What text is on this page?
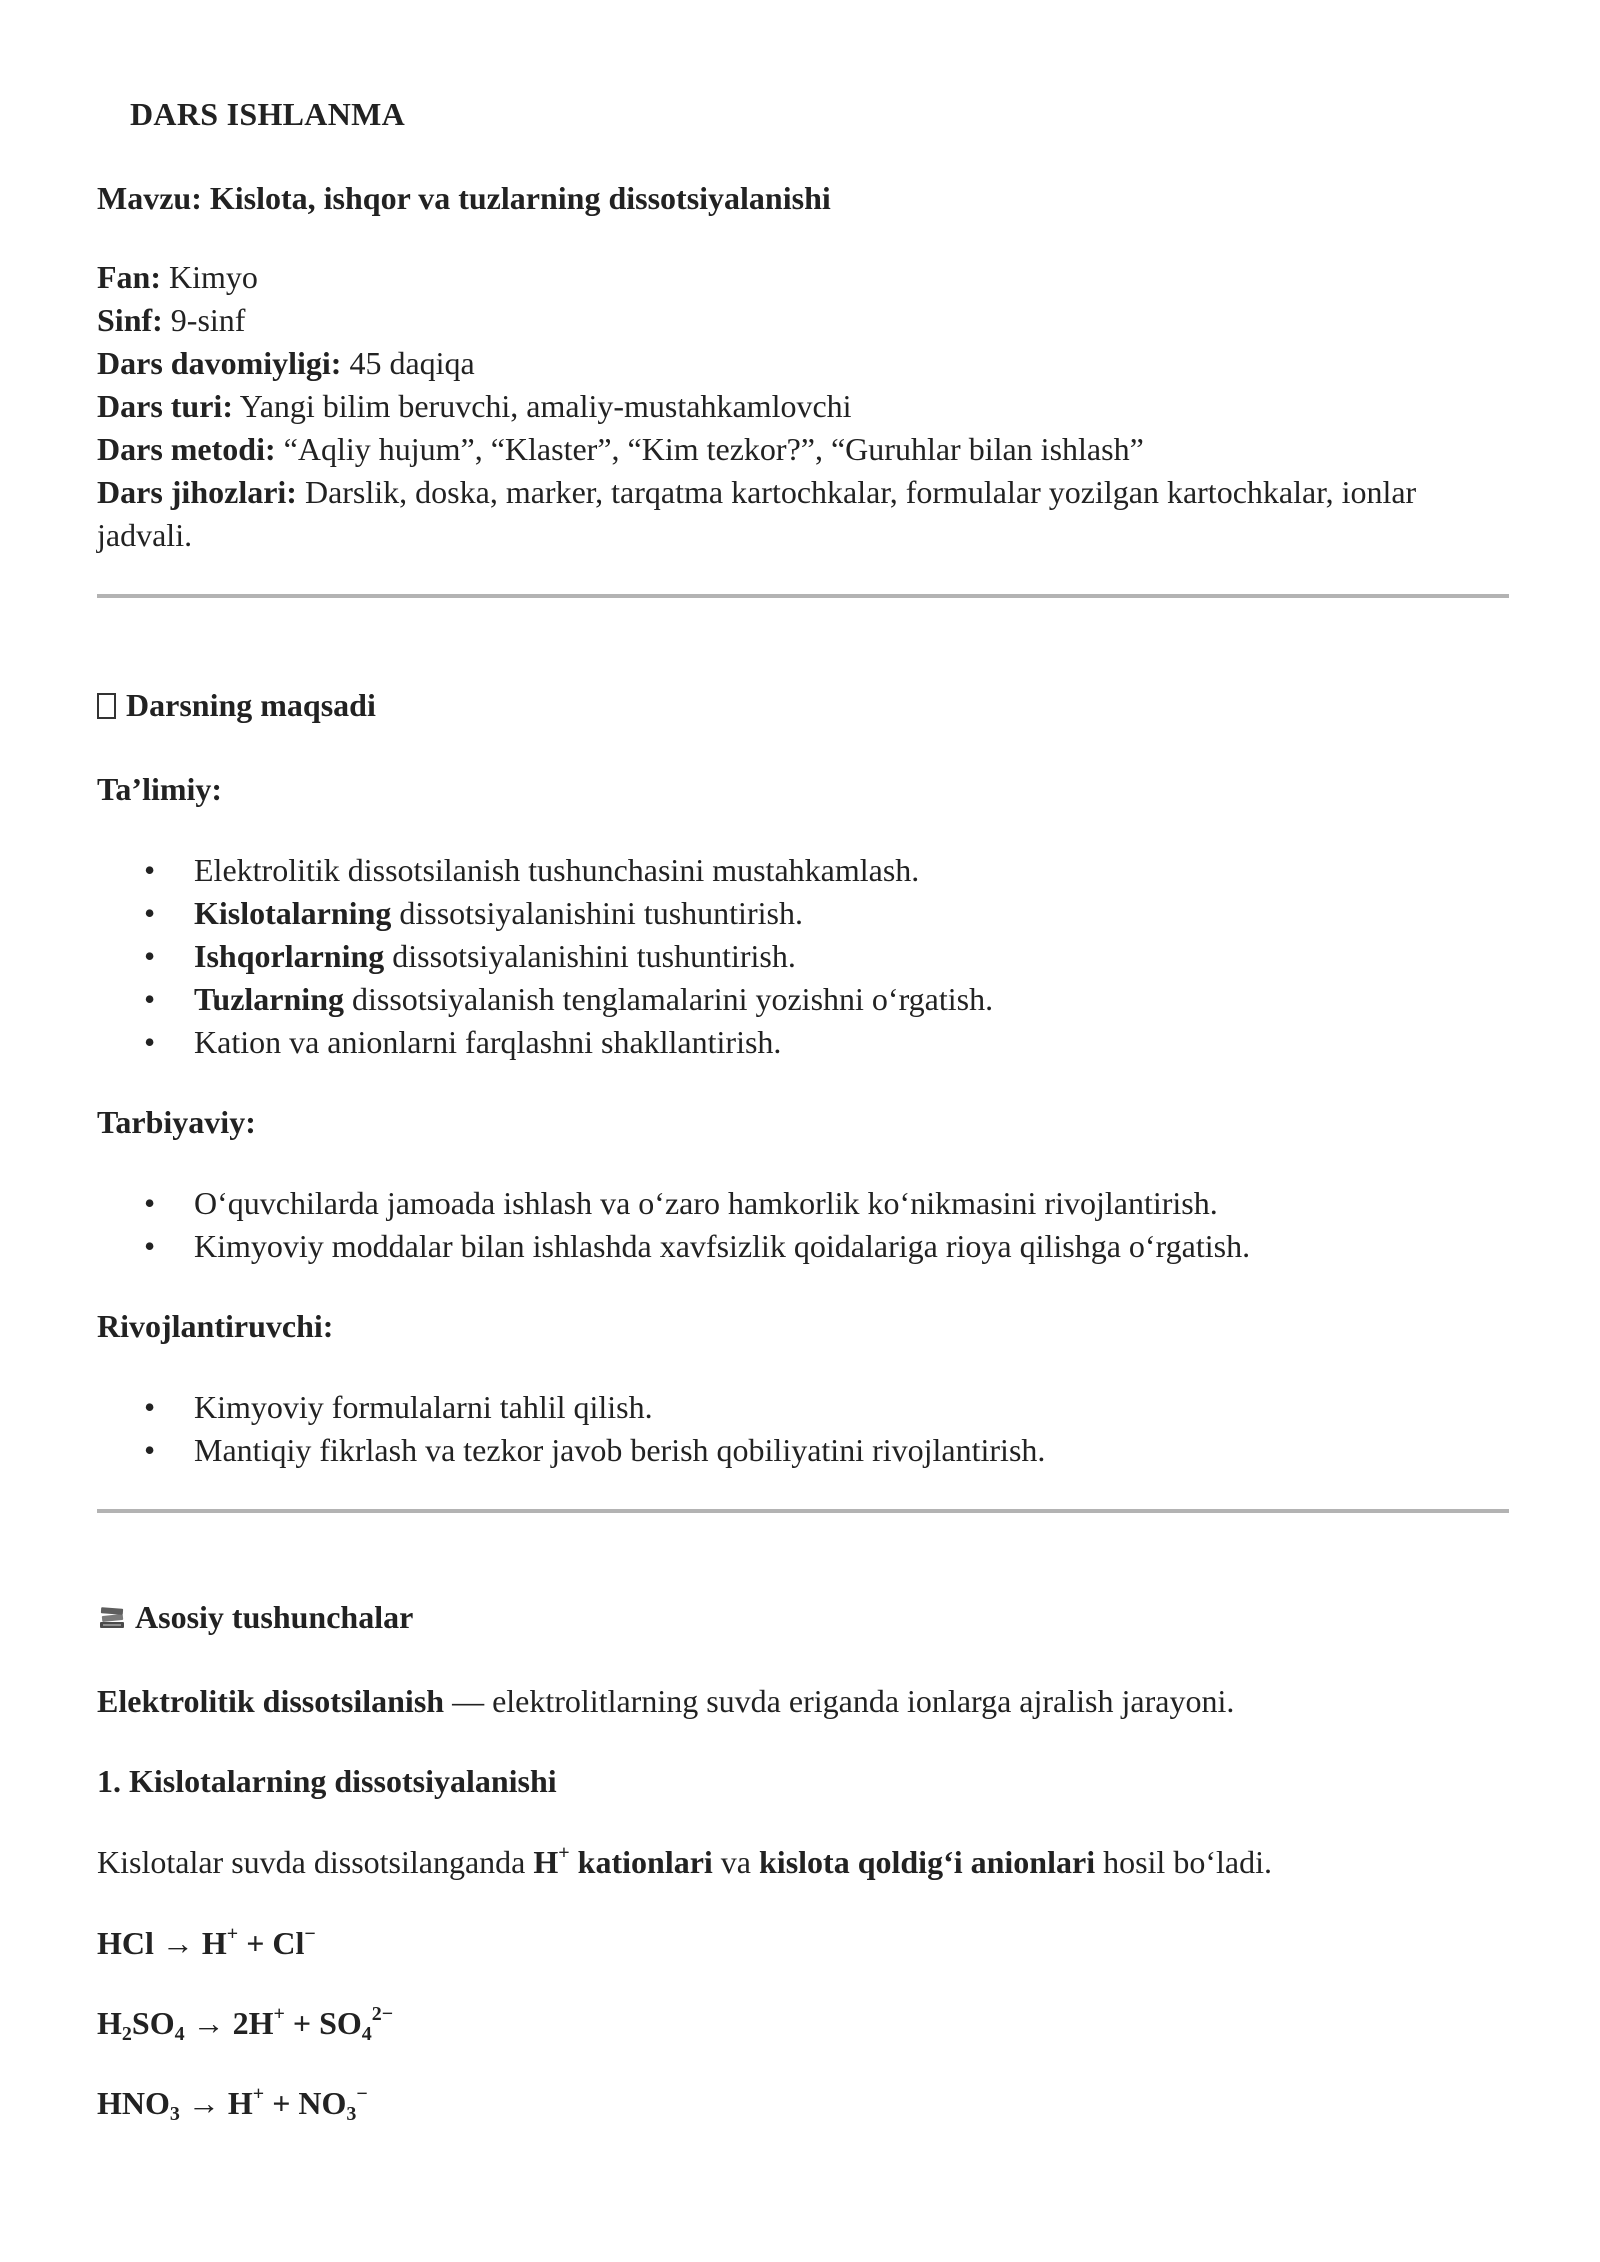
DARS ISHLANMA

Mavzu: Kislota, ishqor va tuzlarning dissotsiyalanishi

Fan: Kimyo

Sinf: 9-sinf

Dars davomiyligi: 45 daqiqa

Dars turi: Yangi bilim beruvchi, amaliy-mustahkamlovchi

Dars metodi: “Aqliy hujum”, “Klaster”, “Kim tezkor?”, “Guruhlar bilan ishlash”

Dars jihozlari: Darslik, doska, marker, tarqatma kartochkalar, formulalar yozilgan kartochkalar, ionlar

jadvali.

Darsning maqsadi

Ta’limiy:

• Elektrolitik dissotsilanish tushunchasini mustahkamlash.
• Kislotalarning dissotsiyalanishini tushuntirish.
• Ishqorlarning dissotsiyalanishini tushuntirish.
• Tuzlarning dissotsiyalanish tenglamalarini yozishni o‘rgatish.
• Kation va anionlarni farqlashni shakllantirish.

Tarbiyaviy:

• O‘quvchilarda jamoada ishlash va o‘zaro hamkorlik ko‘nikmasini rivojlantirish.
• Kimyoviy moddalar bilan ishlashda xavfsizlik qoidalariga rioya qilishga o‘rgatish.

Rivojlantiruvchi:

• Kimyoviy formulalarni tahlil qilish.
• Mantiqiy fikrlash va tezkor javob berish qobiliyatini rivojlantirish.

Asosiy tushunchalar

Elektrolitik dissotsilanish — elektrolitlarning suvda eriganda ionlarga ajralish jarayoni.

1. Kislotalarning dissotsiyalanishi

Kislotalar suvda dissotsilanganda H+ kationlari va kislota qoldig‘i anionlari hosil bo‘ladi.

HCl → H+ + Cl−

$H_2SO_4 \to 2H^+ + SO_4^{2-}$

$HNO_3 \to H^+ + NO_3^-$
